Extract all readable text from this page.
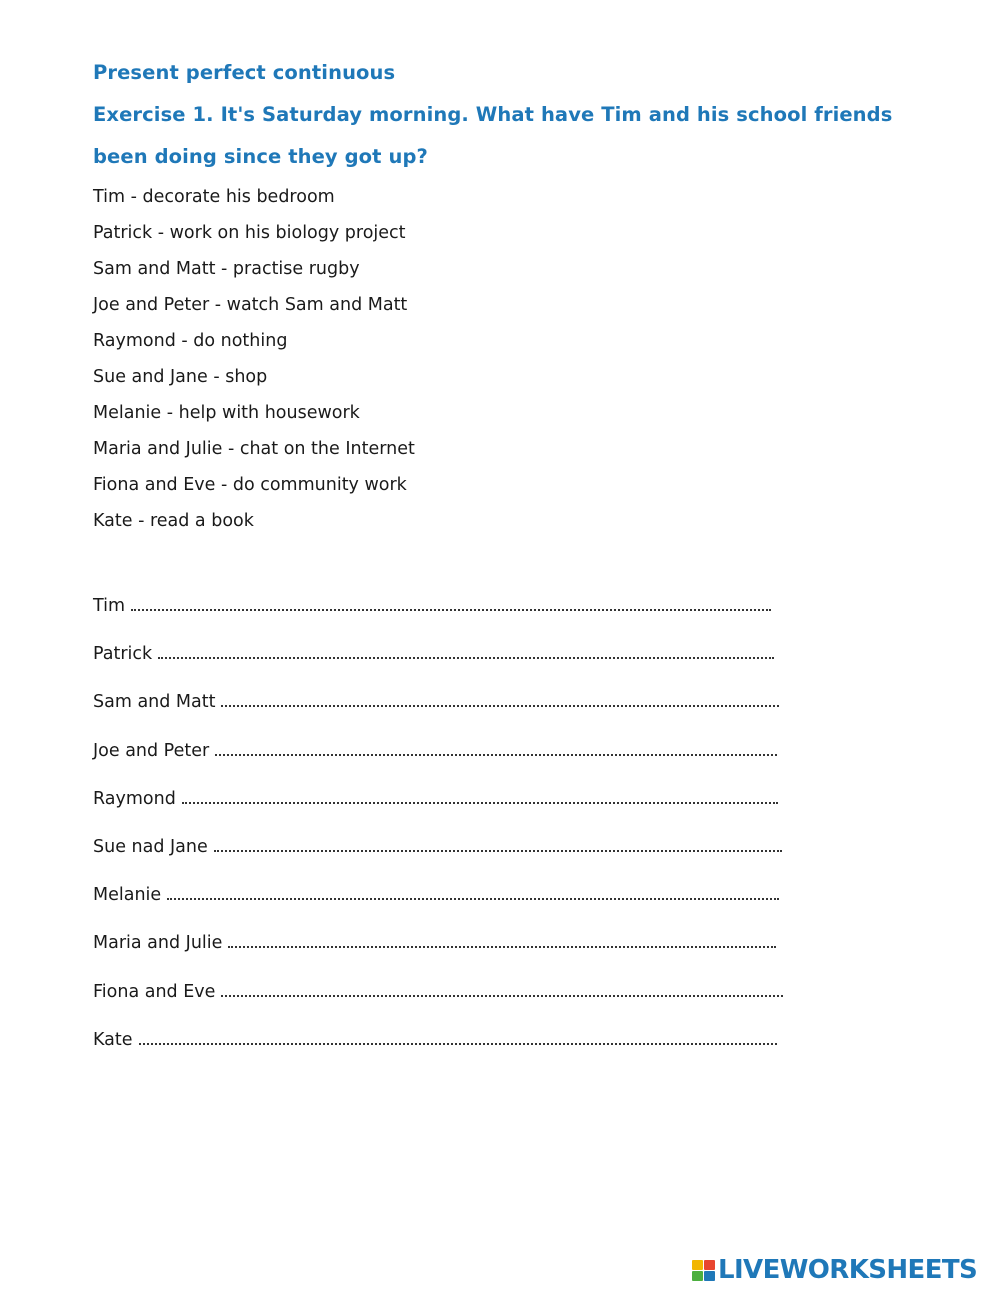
Present perfect continuous
Exercise 1. It's Saturday morning. What have Tim and his school friends
been doing since they got up?
Tim - decorate his bedroom
Patrick - work on his biology project
Sam and Matt - practise rugby
Joe and Peter - watch Sam and Matt
Raymond - do nothing
Sue and Jane - shop
Melanie - help with housework
Maria and Julie - chat on the Internet
Fiona and Eve - do community work
Kate - read a book
Tim
Patrick
Sam and Matt
Joe and Peter
Raymond
Sue nad Jane
Melanie
Maria and Julie
Fiona and Eve
Kate
LIVEWORKSHEETS
